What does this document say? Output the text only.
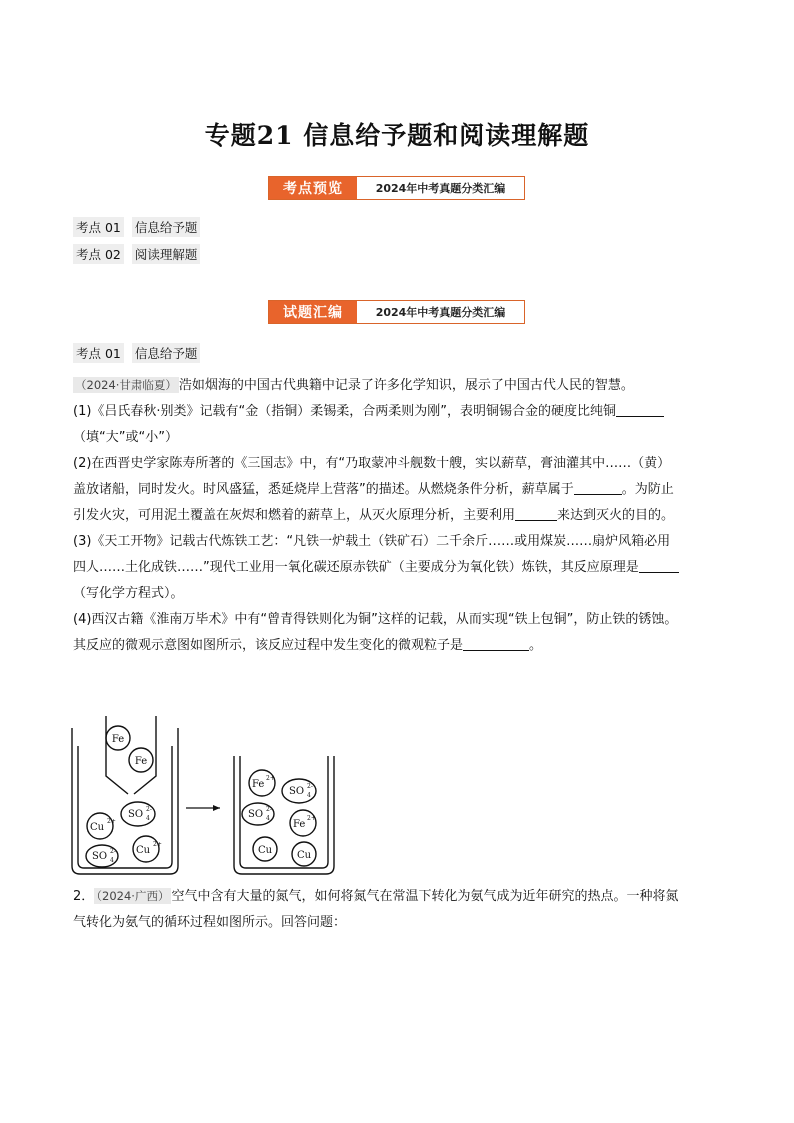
专题21 信息给予题和阅读理解题
考点预览	2024年中考真题分类汇编
考点 01 信息给予题
考点 02 阅读理解题
试题汇编	2024年中考真题分类汇编
考点 01 信息给予题
（2024·甘肃临夏） 浩如烟海的中国古代典籍中记录了许多化学知识，展示了中国古代人民的智慧。
(1)《吕氏春秋·别类》记载有“金（指铜）柔锡柔，合两柔则为刚”，表明铜锡合金的硬度比纯铜
（填“大”或“小”）
(2)在西晋史学家陈寿所著的《三国志》中，有“乃取蒙冲斗舰数十艘，实以薪草，膏油灌其中……（黄）
盖放诸船，同时发火。时风盛猛，悉延烧岸上营落”的描述。从燃烧条件分析，薪草属于	。为防止
引发火灾，可用泥土覆盖在灰烬和燃着的薪草上，从灭火原理分析，主要利用	来达到灭火的目的。
(3)《天工开物》记载古代炼铁工艺：“凡铁一炉载土（铁矿石）二千余斤……或用煤炭……扇炉风箱必用
四人……土化成铁……”现代工业用一氧化碳还原赤铁矿（主要成分为氧化铁）炼铁，其反应原理是
（写化学方程式）。
(4)西汉古籍《淮南万毕术》中有“曾青得铁则化为铜”这样的记载，从而实现“铁上包铜”，防止铁的锈蚀。
其反应的微观示意图如图所示，该反应过程中发生变化的微观粒子是	。
Fe
Fe
SO 4
2-
Cu
2+
Cu
2+
SO 4
2-
Fe
2+
SO 4
2-
SO 4
2-
Fe
2+
Cu Cu
2． （2024·广西） 空气中含有大量的氮气，如何将氮气在常温下转化为氨气成为近年研究的热点。一种将氮
气转化为氨气的循环过程如图所示。回答问题：
